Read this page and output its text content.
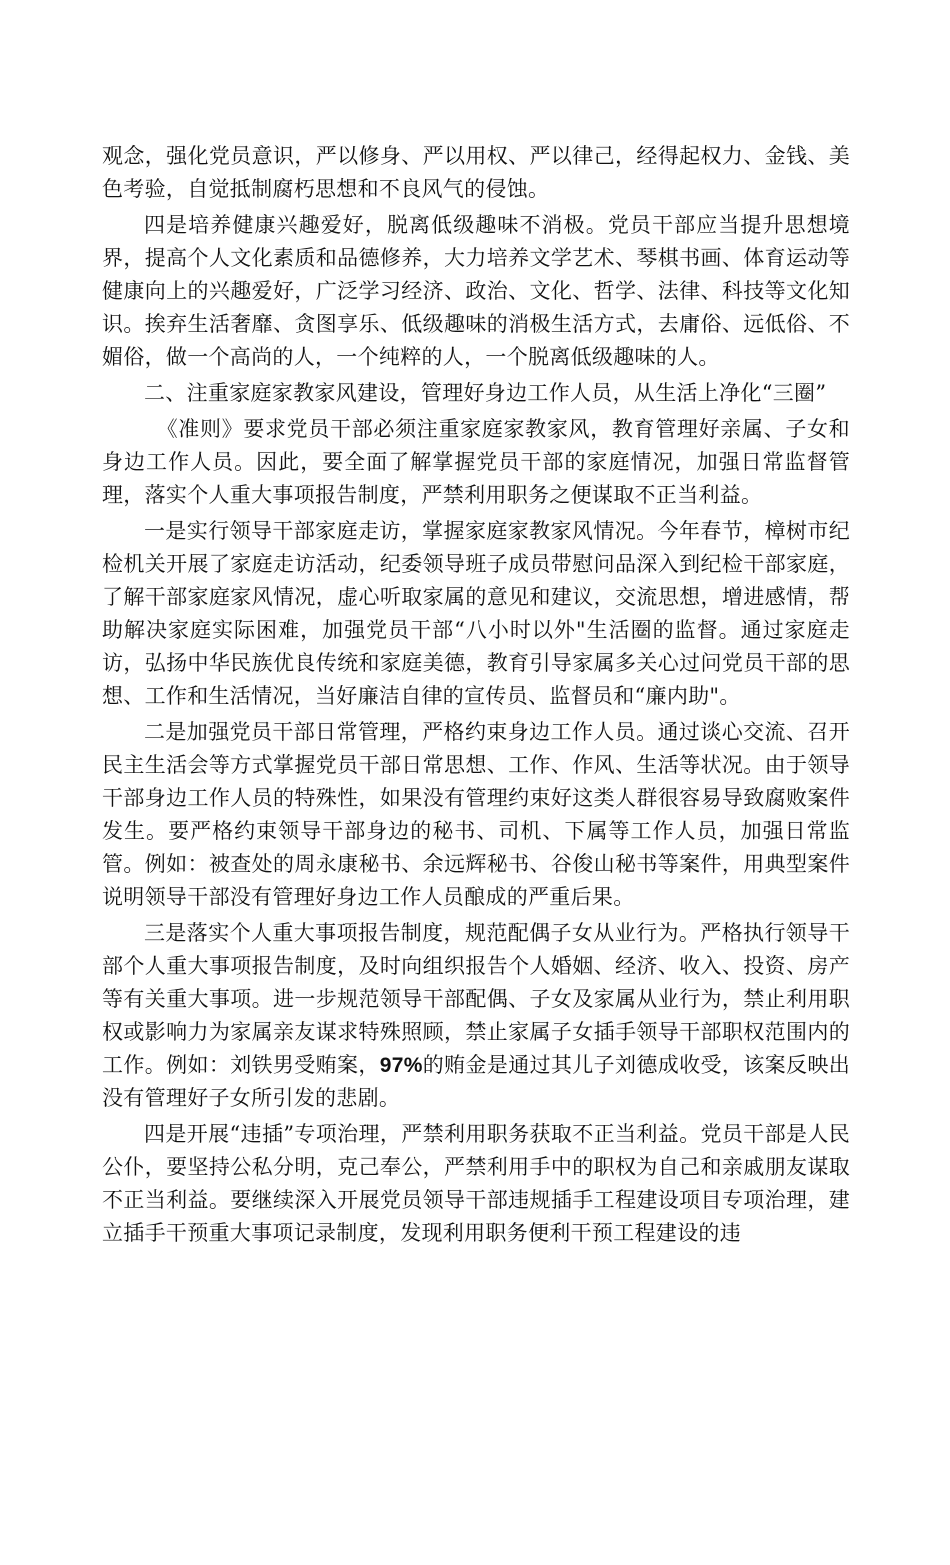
观念，强化党员意识，严以修身、严以用权、严以律己，经得起权力、金钱、美色考验，自觉抵制腐朽思想和不良风气的侵蚀。

四是培养健康兴趣爱好，脱离低级趣味不消极。党员干部应当提升思想境界，提高个人文化素质和品德修养，大力培养文学艺术、琴棋书画、体育运动等健康向上的兴趣爱好，广泛学习经济、政治、文化、哲学、法律、科技等文化知识。挨弃生活奢靡、贪图享乐、低级趣味的消极生活方式，去庸俗、远低俗、不媚俗，做一个高尚的人，一个纯粹的人，一个脱离低级趣味的人。

二、注重家庭家教家风建设，管理好身边工作人员，从生活上净化“三圈”

《准则》要求党员干部必须注重家庭家教家风，教育管理好亲属、子女和身边工作人员。因此，要全面了解掌握党员干部的家庭情况，加强日常监督管理，落实个人重大事项报告制度，严禁利用职务之便谋取不正当利益。

一是实行领导干部家庭走访，掌握家庭家教家风情况。今年春节，樟树市纪检机关开展了家庭走访活动，纪委领导班子成员带慰问品深入到纪检干部家庭，了解干部家庭家风情况，虚心听取家属的意见和建议，交流思想，增进感情，帮助解决家庭实际困难，加强党员干部“八小时以外"生活圈的监督。通过家庭走访，弘扬中华民族优良传统和家庭美德，教育引导家属多关心过问党员干部的思想、工作和生活情况，当好廉洁自律的宣传员、监督员和“廉内助"。

二是加强党员干部日常管理，严格约束身边工作人员。通过谈心交流、召开民主生活会等方式掌握党员干部日常思想、工作、作风、生活等状况。由于领导干部身边工作人员的特殊性，如果没有管理约束好这类人群很容易导致腐败案件发生。要严格约束领导干部身边的秘书、司机、下属等工作人员，加强日常监管。例如：被查处的周永康秘书、余远辉秘书、谷俊山秘书等案件，用典型案件说明领导干部没有管理好身边工作人员酿成的严重后果。

三是落实个人重大事项报告制度，规范配偶子女从业行为。严格执行领导干部个人重大事项报告制度，及时向组织报告个人婚姻、经济、收入、投资、房产等有关重大事项。进一步规范领导干部配偶、子女及家属从业行为，禁止利用职权或影响力为家属亲友谋求特殊照顾，禁止家属子女插手领导干部职权范围内的工作。例如：刘铁男受贿案，97%的贿金是通过其儿子刘德成收受，该案反映出没有管理好子女所引发的悲剧。

四是开展“违插”专项治理，严禁利用职务获取不正当利益。党员干部是人民公仆，要坚持公私分明，克己奉公，严禁利用手中的职权为自己和亲戚朋友谋取不正当利益。要继续深入开展党员领导干部违规插手工程建设项目专项治理，建立插手干预重大事项记录制度，发现利用职务便利干预工程建设的违
